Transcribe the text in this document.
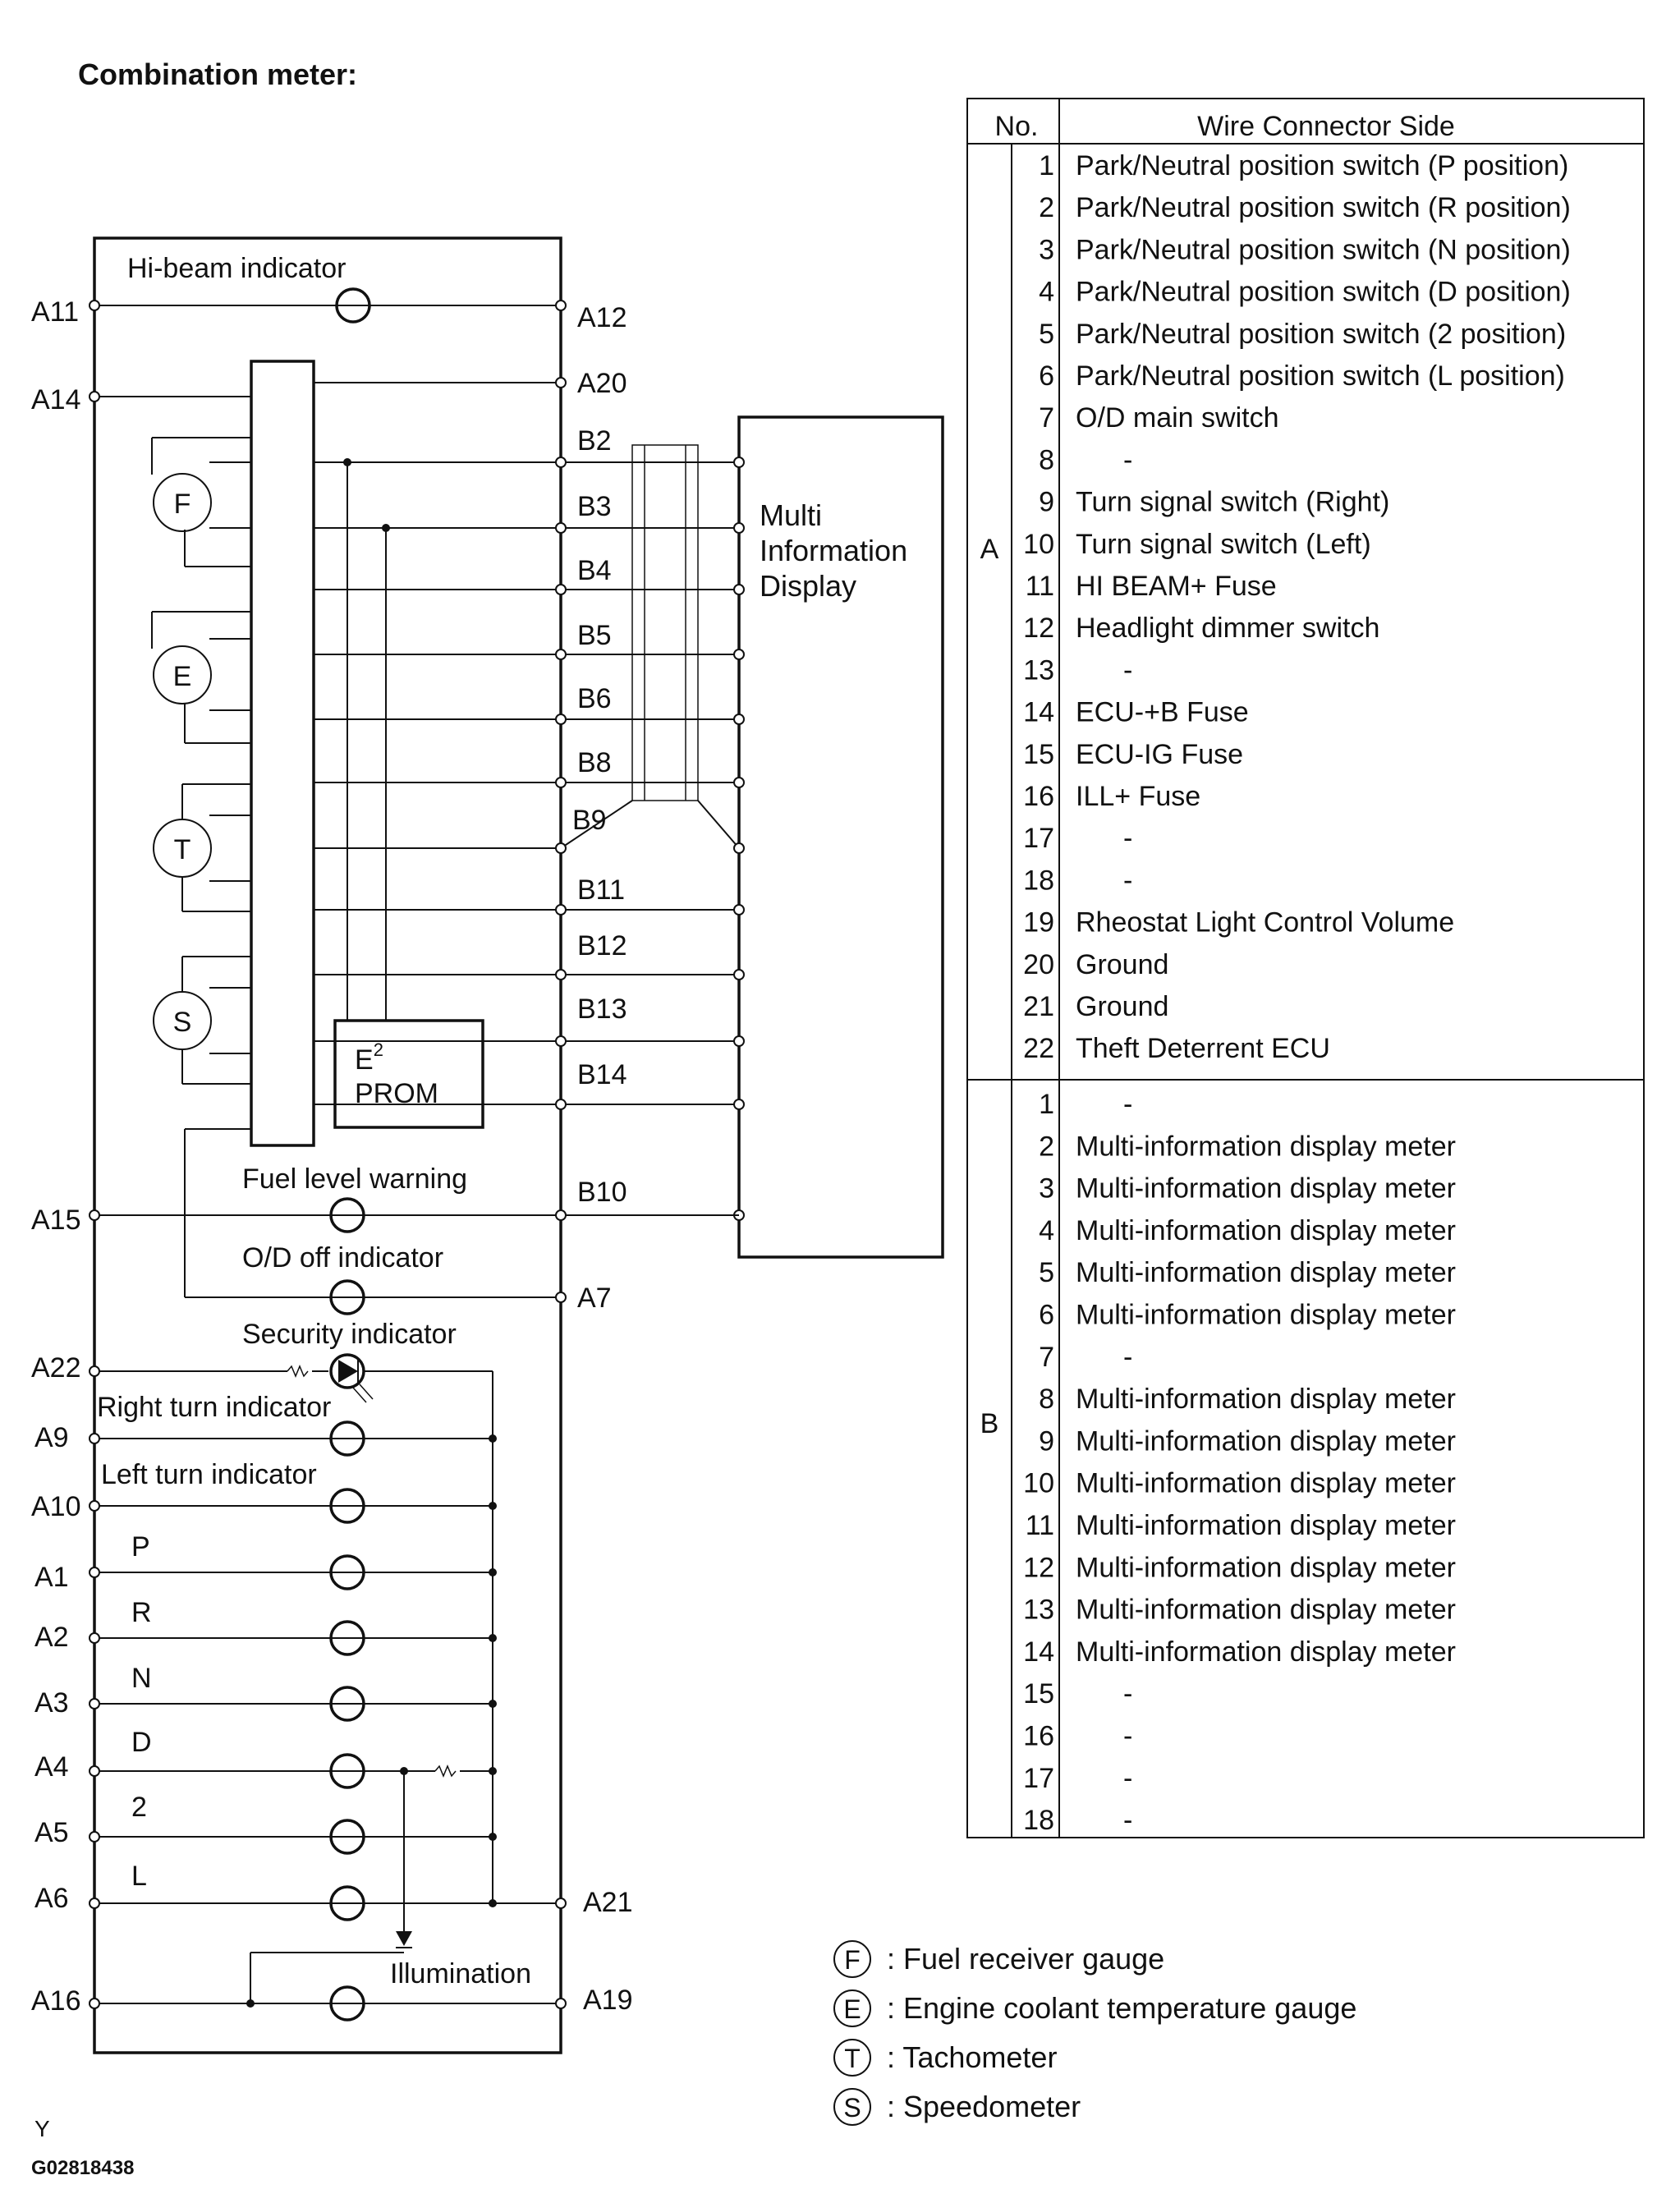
Combination meter:
Hi-beam indicator
F
E
T
S
$E^2$
PROM
Multi
Information
Display
Fuel level warning
O/D off indicator
Security indicator
Right turn indicator
Left turn indicator
P
R
N
D
2
L
Illumination
A11
A14
A15
A22
A9
A10
A1
A2
A3
A4
A5
A6
A16
A12
A20
B2
B3
B4
B5
B6
B8
B9
B11
B12
B13
B14
B10
A7
A21
A19
No.	Wire Connector Side
A
B
1 Park/Neutral position switch (P position)
2 Park/Neutral position switch (R position)
3 Park/Neutral position switch (N position)
4 Park/Neutral position switch (D position)
5 Park/Neutral position switch (2 position)
6 Park/Neutral position switch (L position)
7 O/D main switch
8 -
9 Turn signal switch (Right)
10 Turn signal switch (Left)
11 HI BEAM+ Fuse
12 Headlight dimmer switch
13 -
14 ECU-+B Fuse
15 ECU-IG Fuse
16 ILL+ Fuse
17 -
18 -
19 Rheostat Light Control Volume
20 Ground
21 Ground
22 Theft Deterrent ECU
1 -
2 Multi-information display meter
3 Multi-information display meter
4 Multi-information display meter
5 Multi-information display meter
6 Multi-information display meter
7 -
8 Multi-information display meter
9 Multi-information display meter
10 Multi-information display meter
11 Multi-information display meter
12 Multi-information display meter
13 Multi-information display meter
14 Multi-information display meter
15 -
16 -
17 -
18 -
F : Fuel receiver gauge
E : Engine coolant temperature gauge
T : Tachometer
S : Speedometer
Y
G02818438
